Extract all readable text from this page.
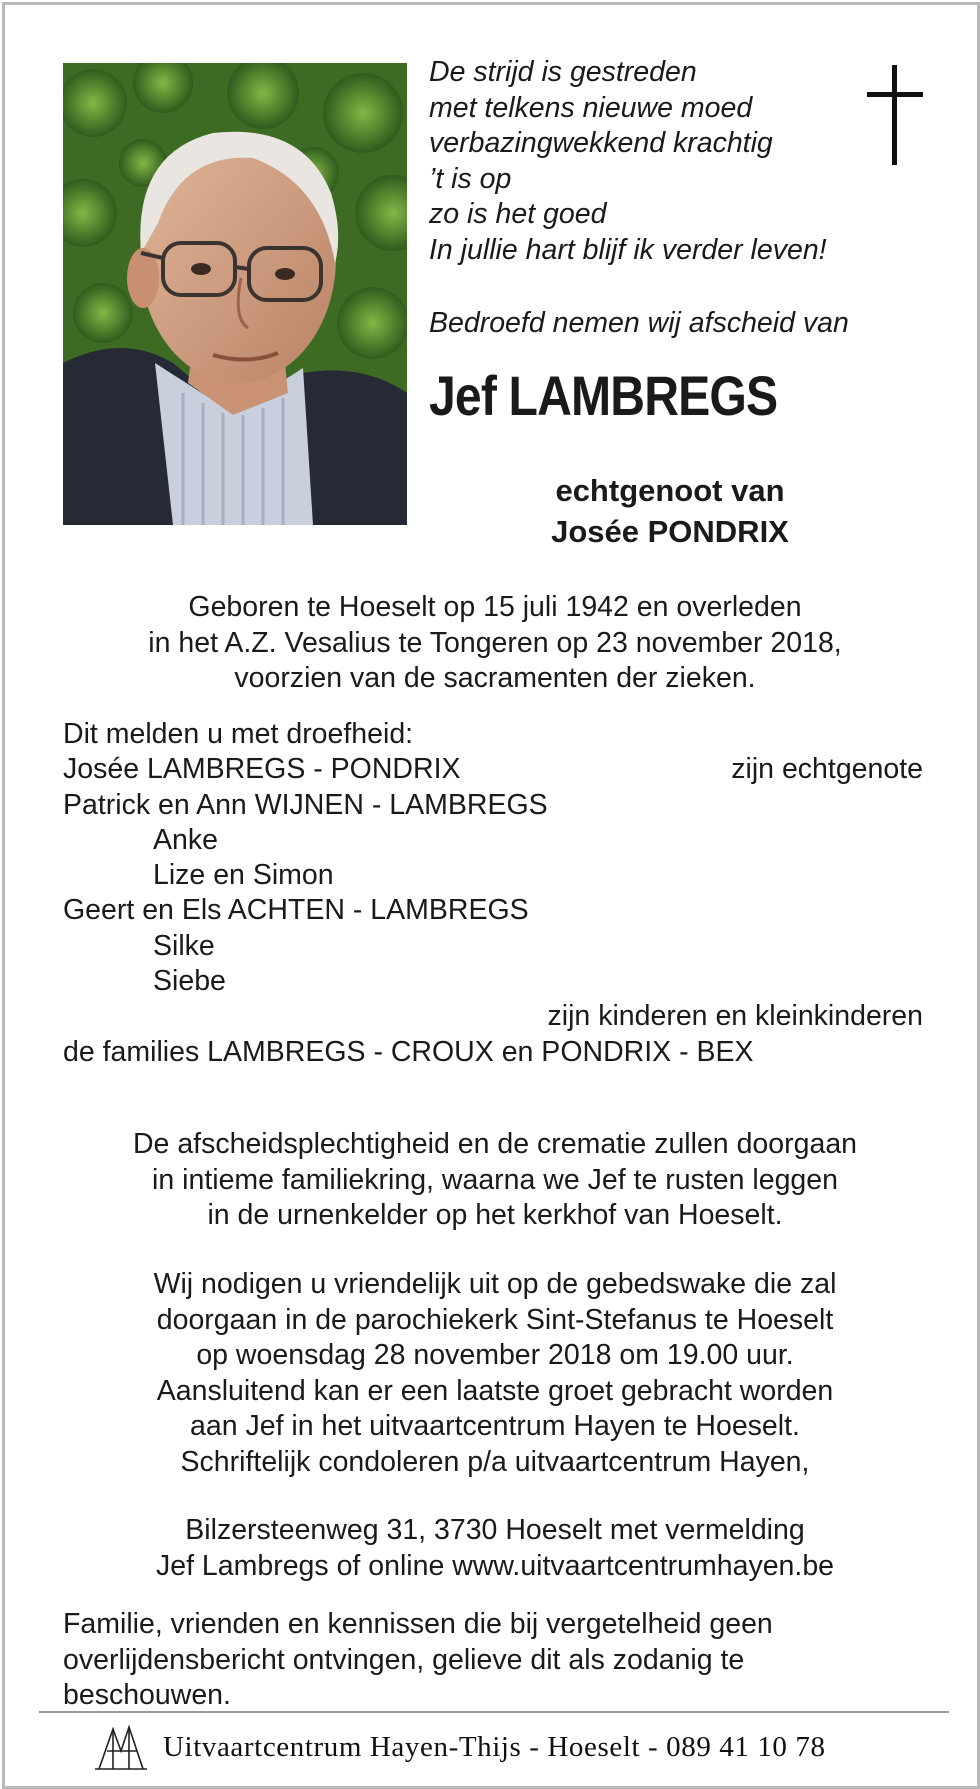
De strijd is gestreden
met telkens nieuwe moed
verbazingwekkend krachtig
’t is op
zo is het goed
In jullie hart blijf ik verder leven!
Bedroefd nemen wij afscheid van
Jef LAMBREGS
echtgenoot van
Josée PONDRIX
Geboren te Hoeselt op 15 juli 1942 en overleden
in het A.Z. Vesalius te Tongeren op 23 november 2018,
voorzien van de sacramenten der zieken.
Dit melden u met droefheid:
Josée LAMBREGS - PONDRIX	zijn echtgenote
Patrick en Ann WIJNEN - LAMBREGS
Anke
Lize en Simon
Geert en Els ACHTEN - LAMBREGS
Silke
Siebe
zijn kinderen en kleinkinderen
de families LAMBREGS - CROUX en PONDRIX - BEX
De afscheidsplechtigheid en de crematie zullen doorgaan
in intieme familiekring, waarna we Jef te rusten leggen
in de urnenkelder op het kerkhof van Hoeselt.
Wij nodigen u vriendelijk uit op de gebedswake die zal
doorgaan in de parochiekerk Sint-Stefanus te Hoeselt
op woensdag 28 november 2018 om 19.00 uur.
Aansluitend kan er een laatste groet gebracht worden
aan Jef in het uitvaartcentrum Hayen te Hoeselt.
Schriftelijk condoleren p/a uitvaartcentrum Hayen,
Bilzersteenweg 31, 3730 Hoeselt met vermelding
Jef Lambregs of online www.uitvaartcentrumhayen.be
Familie, vrienden en kennissen die bij vergetelheid geen
overlijdensbericht ontvingen, gelieve dit als zodanig te
beschouwen.
Uitvaartcentrum Hayen-Thijs - Hoeselt - 089 41 10 78
